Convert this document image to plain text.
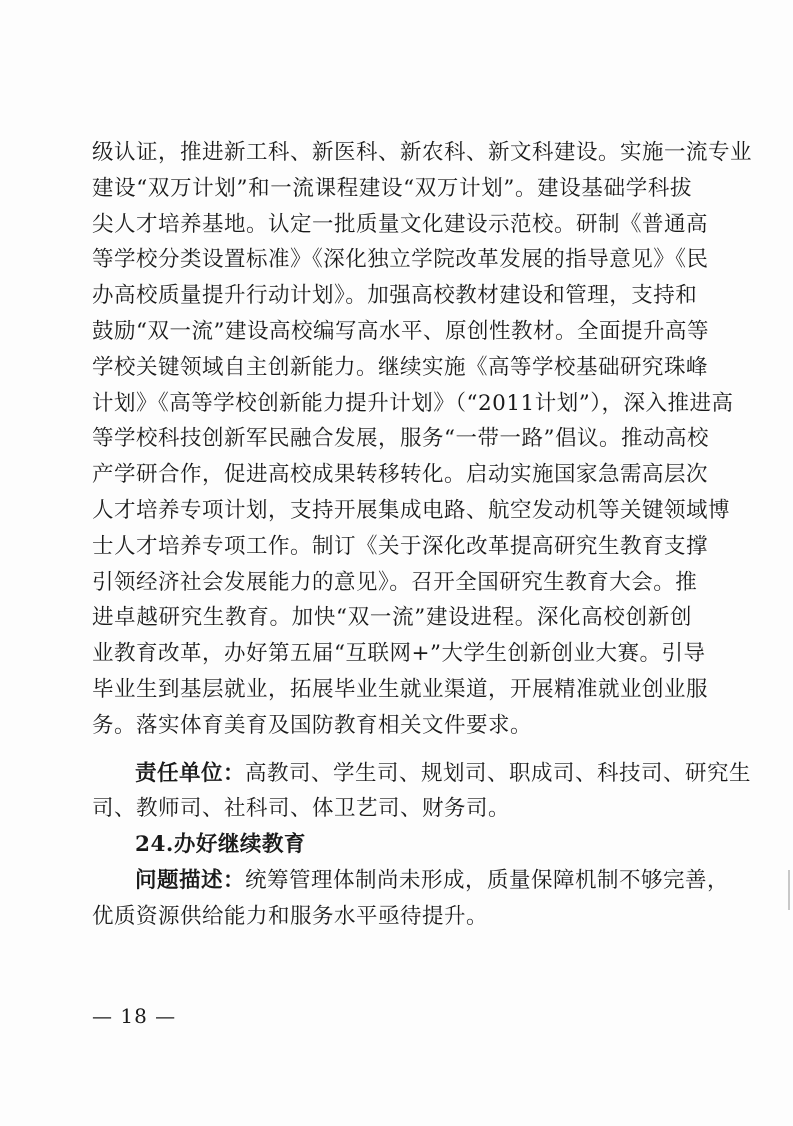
级认证，推进新工科、新医科、新农科、新文科建设。实施一流专业
建设“双万计划”和一流课程建设“双万计划”。建设基础学科拔
尖人才培养基地。认定一批质量文化建设示范校。研制《普通高
等学校分类设置标准》《深化独立学院改革发展的指导意见》《民
办高校质量提升行动计划》。加强高校教材建设和管理，支持和
鼓励“双一流”建设高校编写高水平、原创性教材。全面提升高等
学校关键领域自主创新能力。继续实施《高等学校基础研究珠峰
计划》《高等学校创新能力提升计划》（“2011计划”），深入推进高
等学校科技创新军民融合发展，服务“一带一路”倡议。推动高校
产学研合作，促进高校成果转移转化。启动实施国家急需高层次
人才培养专项计划，支持开展集成电路、航空发动机等关键领域博
士人才培养专项工作。制订《关于深化改革提高研究生教育支撑
引领经济社会发展能力的意见》。召开全国研究生教育大会。推
进卓越研究生教育。加快“双一流”建设进程。深化高校创新创
业教育改革，办好第五届“互联网+”大学生创新创业大赛。引导
毕业生到基层就业，拓展毕业生就业渠道，开展精准就业创业服
务。落实体育美育及国防教育相关文件要求。
责任单位：高教司、学生司、规划司、职成司、科技司、研究生
司、教师司、社科司、体卫艺司、财务司。
24.办好继续教育
问题描述：统筹管理体制尚未形成，质量保障机制不够完善，
优质资源供给能力和服务水平亟待提升。
— 18 —
